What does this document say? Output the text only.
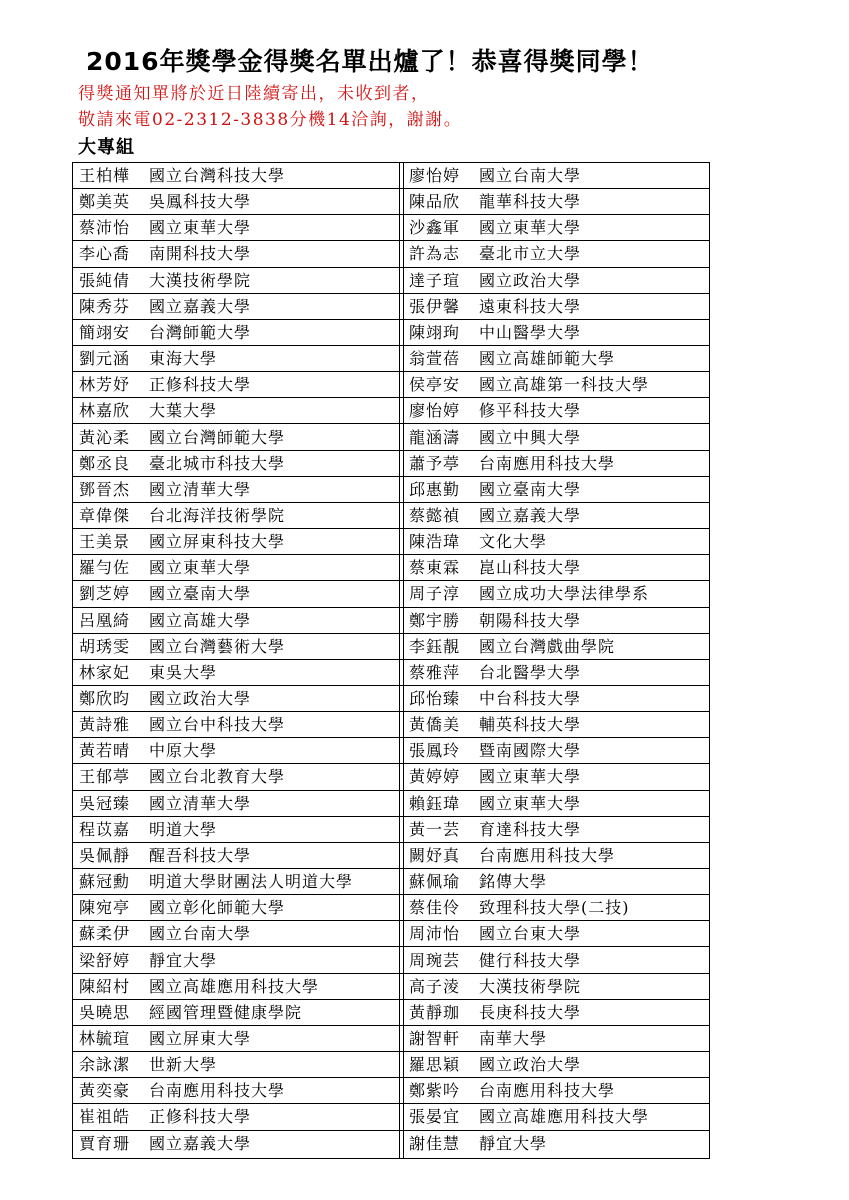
2016年獎學金得獎名單出爐了！恭喜得獎同學！
得獎通知單將於近日陸續寄出，未收到者，
敬請來電02-2312-3838分機14洽詢，謝謝。
大專組
王柏樺 國立台灣科技大學	廖怡婷 國立台南大學
鄭美英 吳鳳科技大學	陳品欣 龍華科技大學
蔡沛怡 國立東華大學	沙鑫軍 國立東華大學
李心喬 南開科技大學	許為志 臺北市立大學
張純倩 大漢技術學院	達子瑄 國立政治大學
陳秀芬 國立嘉義大學	張伊馨 遠東科技大學
簡翊安 台灣師範大學	陳翊珣 中山醫學大學
劉元涵 東海大學	翁萱蓓 國立高雄師範大學
林芳妤 正修科技大學	侯亭安 國立高雄第一科技大學
林嘉欣 大葉大學	廖怡婷 修平科技大學
黃沁柔 國立台灣師範大學	龍涵濤 國立中興大學
鄭丞良 臺北城市科技大學	蕭予葶 台南應用科技大學
鄧晉杰 國立清華大學	邱惠勤 國立臺南大學
章偉傑 台北海洋技術學院	蔡懿禎 國立嘉義大學
王美景 國立屏東科技大學	陳浩瑋 文化大學
羅勻佐 國立東華大學	蔡東霖 崑山科技大學
劉芝婷 國立臺南大學	周子淳 國立成功大學法律學系
呂凰綺 國立高雄大學	鄭宇勝 朝陽科技大學
胡琇雯 國立台灣藝術大學	李鈺靚 國立台灣戲曲學院
林家妃 東吳大學	蔡雅萍 台北醫學大學
鄭欣昀 國立政治大學	邱怡臻 中台科技大學
黃詩雅 國立台中科技大學	黃僑美 輔英科技大學
黃若晴 中原大學	張鳳玲 暨南國際大學
王郁葶 國立台北教育大學	黃婷婷 國立東華大學
吳冠臻 國立清華大學	賴鈺瑋 國立東華大學
程苡嘉 明道大學	黃一芸 育達科技大學
吳佩靜 醒吾科技大學	闕妤真 台南應用科技大學
蘇冠勳 明道大學財團法人明道大學	蘇佩瑜 銘傳大學
陳宛亭 國立彰化師範大學	蔡佳伶 致理科技大學(二技)
蘇柔伊 國立台南大學	周沛怡 國立台東大學
梁舒婷 靜宜大學	周琬芸 健行科技大學
陳紹村 國立高雄應用科技大學	高子淩 大漢技術學院
吳曉思 經國管理暨健康學院	黃靜珈 長庚科技大學
林毓瑄 國立屏東大學	謝智軒 南華大學
余詠潔 世新大學	羅思穎 國立政治大學
黃奕豪 台南應用科技大學	鄭紫吟 台南應用科技大學
崔祖皓 正修科技大學	張晏宜 國立高雄應用科技大學
賈育珊 國立嘉義大學	謝佳慧 靜宜大學
